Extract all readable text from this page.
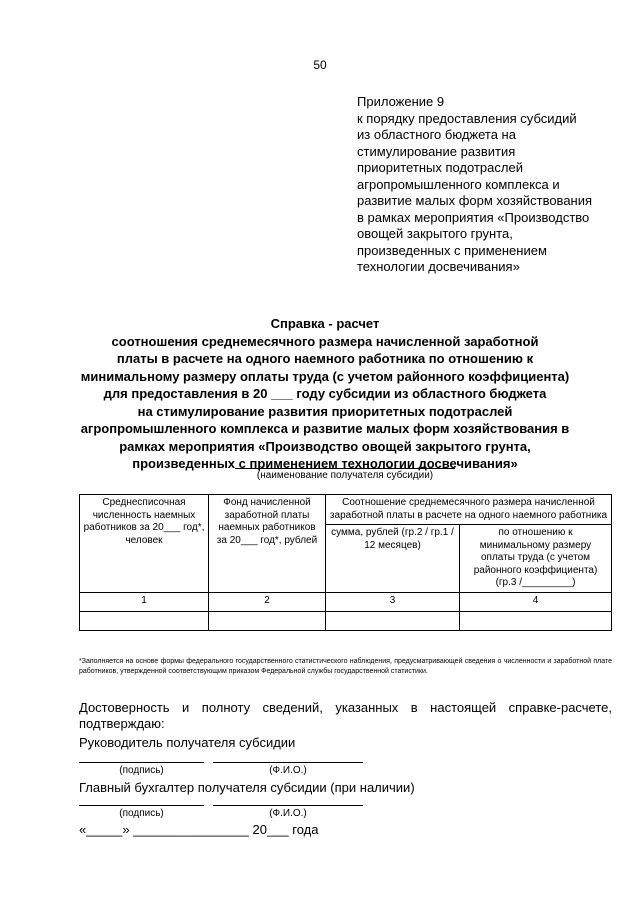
50
Приложение 9
к порядку предоставления субсидий
из областного бюджета на
стимулирование развития
приоритетных подотраслей
агропромышленного комплекса и
развитие малых форм хозяйствования
в рамках мероприятия «Производство
овощей закрытого грунта,
произведенных с применением
технологии досвечивания»
Справка - расчет
соотношения среднемесячного размера начисленной заработной
платы в расчете на одного наемного работника по отношению к
минимальному размеру оплаты труда (с учетом районного коэффициента)
для предоставления в 20 ___ году субсидии из областного бюджета
на стимулирование развития приоритетных подотраслей
агропромышленного комплекса и развитие малых форм хозяйствования в
рамках мероприятия «Производство овощей закрытого грунта,
произведенных с применением технологии досвечивания»
(наименование получателя субсидии)
Среднесписочная численность наемных работников за 20___ год*, человек	Фонд начисленной заработной платы наемных работников за 20___ год*, рублей	Соотношение среднемесячного размера начисленной заработной платы в расчете на одного наемного работника	
		сумма, рублей (гр.2 / гр.1 / 12 месяцев)	по отношению к минимальному размеру оплаты труда (с учетом районного коэффициента) (гр.3 /_________)
1	2	3	4

*Заполняется на основе формы федерального государственного статистического наблюдения, предусматривающей сведения о численности и заработной плате работников, утвержденной соответствующим приказом Федеральной службы государственной статистики.
Достоверность и полноту сведений, указанных в настоящей справке-расчете, подтверждаю:
Руководитель получателя субсидии
(подпись)	(Ф.И.О.)
Главный бухгалтер получателя субсидии (при наличии)
(подпись)	(Ф.И.О.)
«_____» ________________ 20___ года
